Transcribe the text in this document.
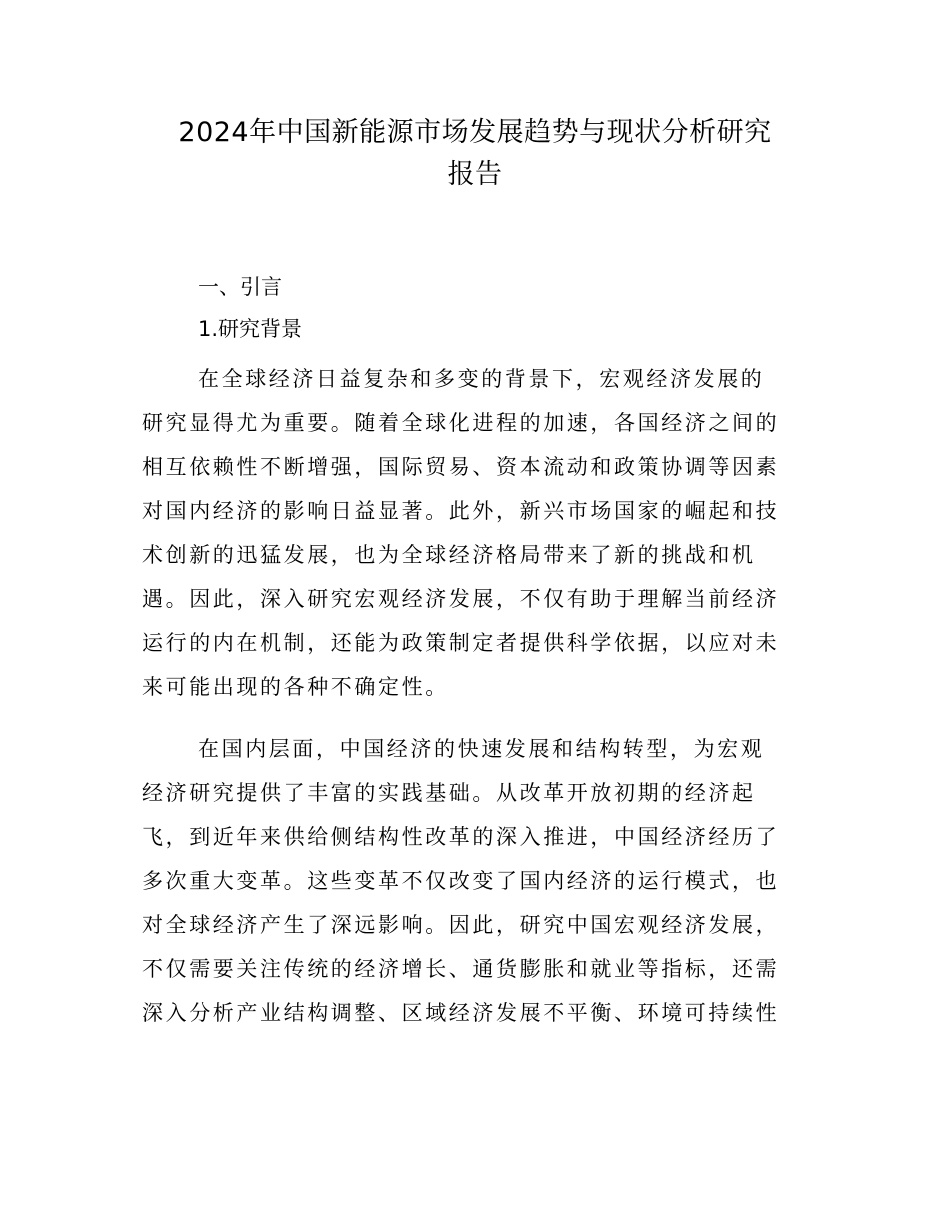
2024年中国新能源市场发展趋势与现状分析研究
报告
一、引言
1.研究背景

在全球经济日益复杂和多变的背景下，宏观经济发展的

研究显得尤为重要。随着全球化进程的加速，各国经济之间的

相互依赖性不断增强，国际贸易、资本流动和政策协调等因素

对国内经济的影响日益显著。此外，新兴市场国家的崛起和技

术创新的迅猛发展，也为全球经济格局带来了新的挑战和机

遇。因此，深入研究宏观经济发展，不仅有助于理解当前经济

运行的内在机制，还能为政策制定者提供科学依据，以应对未

来可能出现的各种不确定性。

在国内层面，中国经济的快速发展和结构转型，为宏观

经济研究提供了丰富的实践基础。从改革开放初期的经济起

飞，到近年来供给侧结构性改革的深入推进，中国经济经历了

多次重大变革。这些变革不仅改变了国内经济的运行模式，也

对全球经济产生了深远影响。因此，研究中国宏观经济发展，

不仅需要关注传统的经济增长、通货膨胀和就业等指标，还需

深入分析产业结构调整、区域经济发展不平衡、环境可持续性
